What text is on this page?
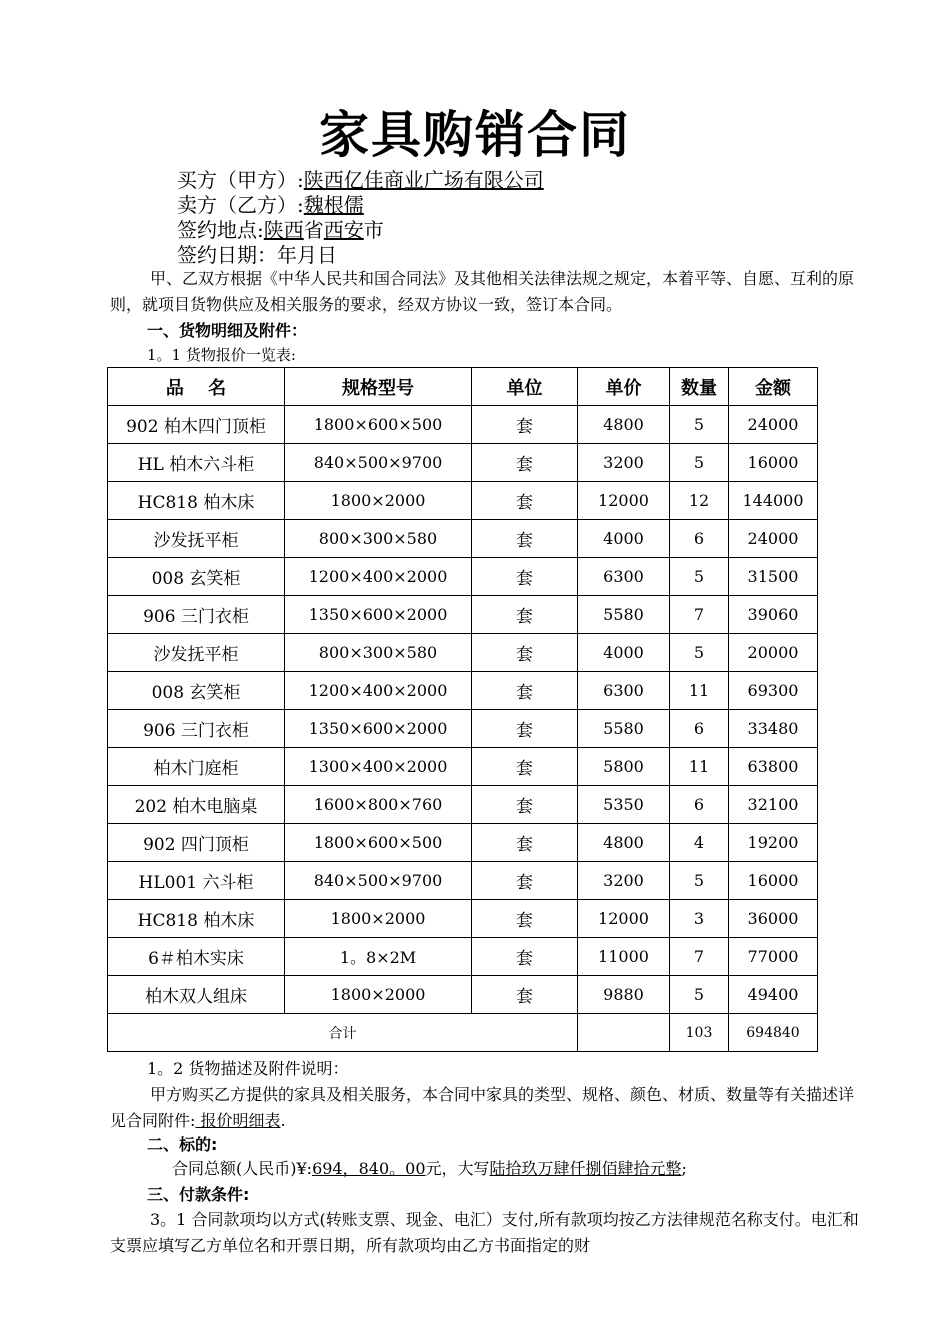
家具购销合同
买方（甲方）:陕西亿佳商业广场有限公司
卖方（乙方）:魏根儒
签约地点:陕西省西安市
签约日期：年月日
甲、乙双方根据《中华人民共和国合同法》及其他相关法律法规之规定，本着平等、自愿、互利的原则，就项目货物供应及相关服务的要求，经双方协议一致，签订本合同。
一、货物明细及附件：
1。1 货物报价一览表:
品　 名	规格型号	单位	单价	数量	金额
902 柏木四门顶柜	1800×600×500	套	4800	5	24000
HL 柏木六斗柜	840×500×9700	套	3200	5	16000
HC818 柏木床	1800×2000	套	12000	12	144000
沙发抚平柜	800×300×580	套	4000	6	24000
008 玄笑柜	1200×400×2000	套	6300	5	31500
906 三门衣柜	1350×600×2000	套	5580	7	39060
沙发抚平柜	800×300×580	套	4000	5	20000
008 玄笑柜	1200×400×2000	套	6300	11	69300
906 三门衣柜	1350×600×2000	套	5580	6	33480
柏木门庭柜	1300×400×2000	套	5800	11	63800
202 柏木电脑桌	1600×800×760	套	5350	6	32100
902 四门顶柜	1800×600×500	套	4800	4	19200
HL001 六斗柜	840×500×9700	套	3200	5	16000
HC818 柏木床	1800×2000	套	12000	3	36000
6＃柏木实床	1。8×2M	套	11000	7	77000
柏木双人组床	1800×2000	套	9880	5	49400
合计				103	694840
1。2 货物描述及附件说明：
甲方购买乙方提供的家具及相关服务，本合同中家具的类型、规格、颜色、材质、数量等有关描述详见合同附件: 报价明细表.
二、标的:
合同总额(人民币)¥:694，840。00元，大写陆拾玖万肆仟捌佰肆拾元整;
三、付款条件:
3。1 合同款项均以方式(转账支票、现金、电汇）支付,所有款项均按乙方法律规范名称支付。电汇和支票应填写乙方单位名和开票日期，所有款项均由乙方书面指定的财
